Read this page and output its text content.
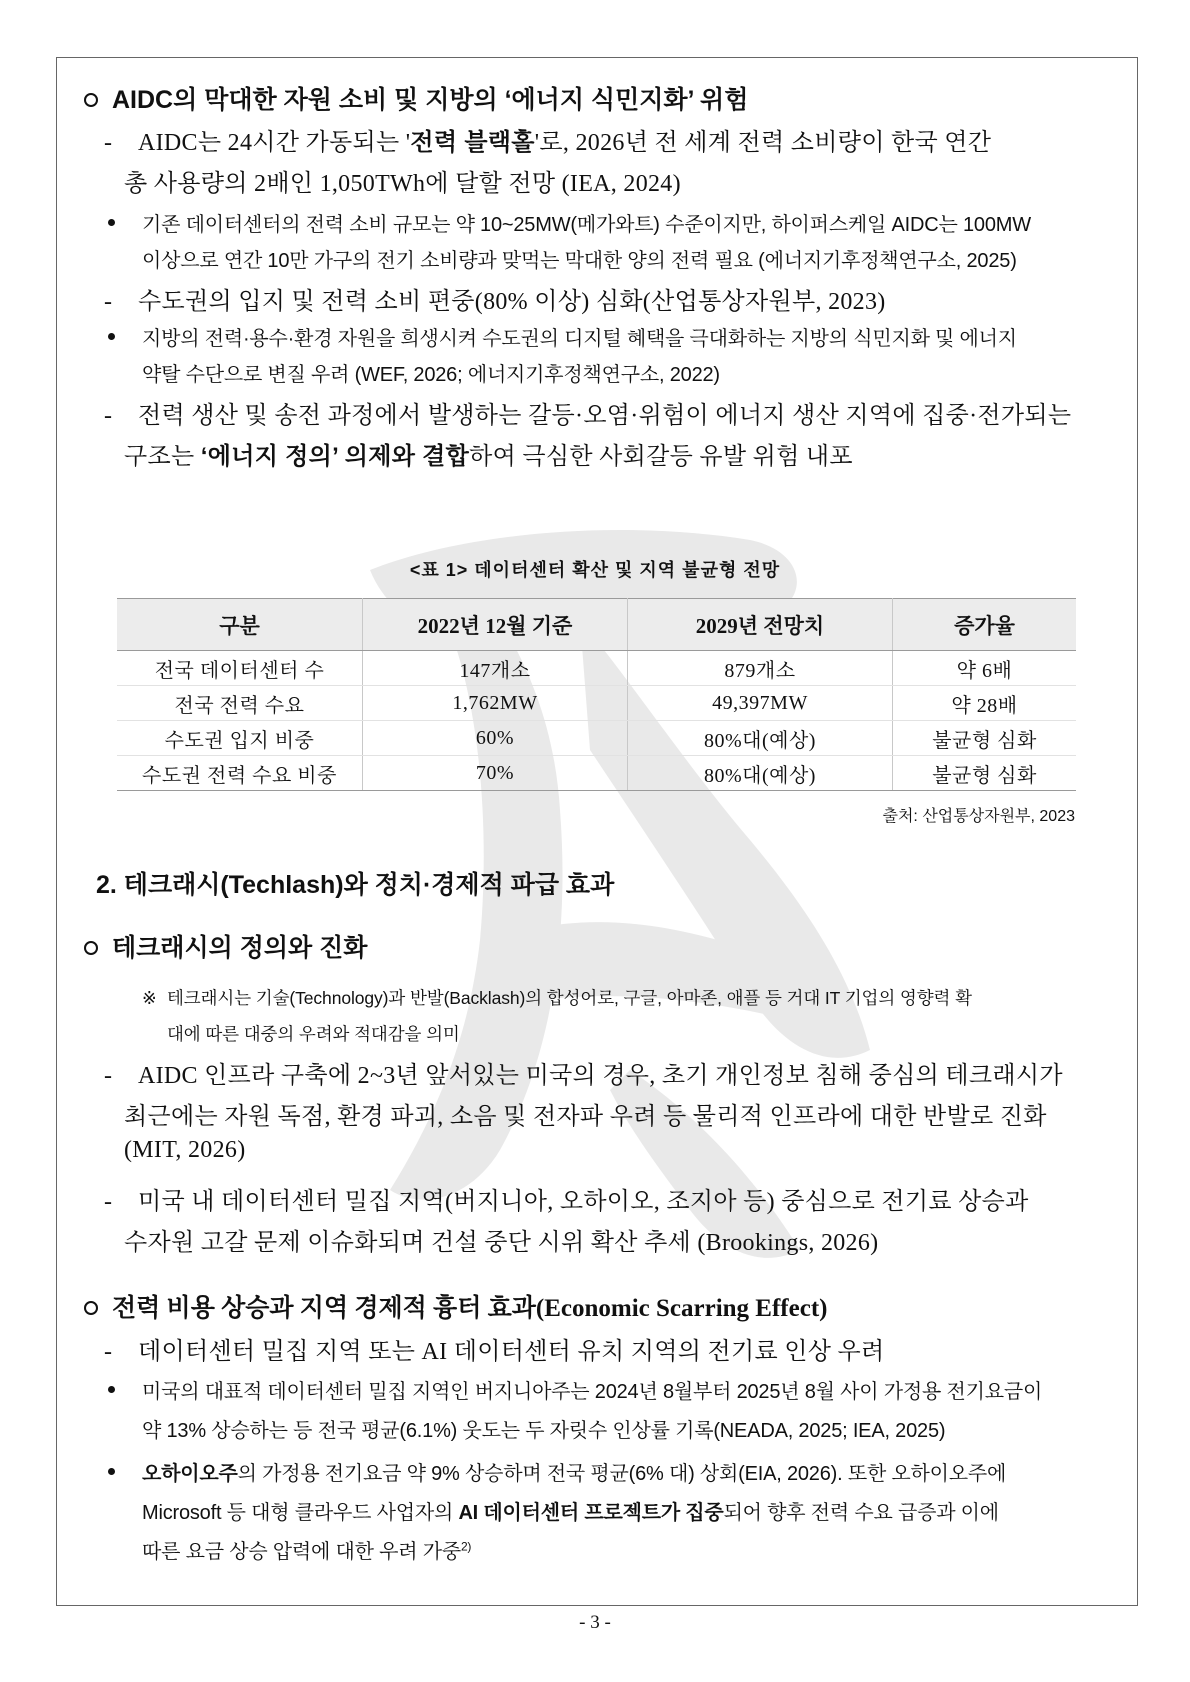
AIDC의 막대한 자원 소비 및 지방의 ‘에너지 식민지화’ 위험
- AIDC는 24시간 가동되는 '전력 블랙홀'로, 2026년 전 세계 전력 소비량이 한국 연간
총 사용량의 2배인 1,050TWh에 달할 전망 (IEA, 2024)
기존 데이터센터의 전력 소비 규모는 약 10~25MW(메가와트) 수준이지만, 하이퍼스케일 AIDC는 100MW
이상으로 연간 10만 가구의 전기 소비량과 맞먹는 막대한 양의 전력 필요 (에너지기후정책연구소, 2025)
- 수도권의 입지 및 전력 소비 편중(80% 이상) 심화(산업통상자원부, 2023)
지방의 전력·용수·환경 자원을 희생시켜 수도권의 디지털 혜택을 극대화하는 지방의 식민지화 및 에너지
약탈 수단으로 변질 우려 (WEF, 2026; 에너지기후정책연구소, 2022)
- 전력 생산 및 송전 과정에서 발생하는 갈등·오염·위험이 에너지 생산 지역에 집중·전가되는
구조는 ‘에너지 정의’ 의제와 결합하여 극심한 사회갈등 유발 위험 내포
<표 1> 데이터센터 확산 및 지역 불균형 전망
구분	2022년 12월 기준	2029년 전망치	증가율
전국 데이터센터 수	147개소	879개소	약 6배
전국 전력 수요	1,762MW	49,397MW	약 28배
수도권 입지 비중	60%	80%대(예상)	불균형 심화
수도권 전력 수요 비중	70%	80%대(예상)	불균형 심화
출처: 산업통상자원부, 2023
2. 테크래시(Techlash)와 정치·경제적 파급 효과
테크래시의 정의와 진화
※ 테크래시는 기술(Technology)과 반발(Backlash)의 합성어로, 구글, 아마존, 애플 등 거대 IT 기업의 영향력 확
대에 따른 대중의 우려와 적대감을 의미
- AIDC 인프라 구축에 2~3년 앞서있는 미국의 경우, 초기 개인정보 침해 중심의 테크래시가
최근에는 자원 독점, 환경 파괴, 소음 및 전자파 우려 등 물리적 인프라에 대한 반발로 진화
(MIT, 2026)
- 미국 내 데이터센터 밀집 지역(버지니아, 오하이오, 조지아 등) 중심으로 전기료 상승과
수자원 고갈 문제 이슈화되며 건설 중단 시위 확산 추세 (Brookings, 2026)
전력 비용 상승과 지역 경제적 흉터 효과(Economic Scarring Effect)
- 데이터센터 밀집 지역 또는 AI 데이터센터 유치 지역의 전기료 인상 우려
미국의 대표적 데이터센터 밀집 지역인 버지니아주는 2024년 8월부터 2025년 8월 사이 가정용 전기요금이
약 13% 상승하는 등 전국 평균(6.1%) 웃도는 두 자릿수 인상률 기록(NEADA, 2025; IEA, 2025)
오하이오주의 가정용 전기요금 약 9% 상승하며 전국 평균(6% 대) 상회(EIA, 2026). 또한 오하이오주에
Microsoft 등 대형 클라우드 사업자의 AI 데이터센터 프로젝트가 집중되어 향후 전력 수요 급증과 이에
따른 요금 상승 압력에 대한 우려 가중$^{2)}$
- 3 -
